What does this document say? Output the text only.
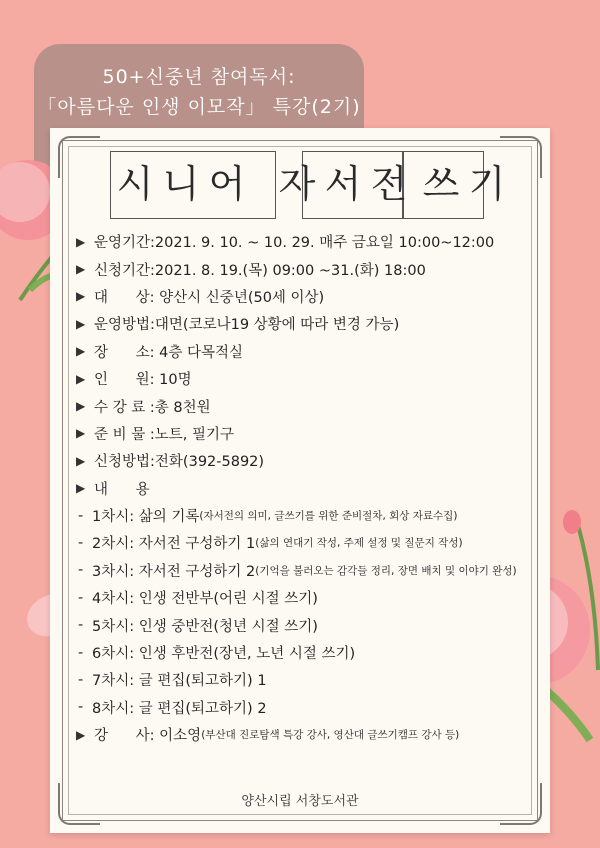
50+신중년 참여독서:
「아름다운 인생 이모작」 특강(2기)
시 니 어 자 서 전 쓰 기
▶ 운영기간: 2021. 9. 10. ~ 10. 29. 매주 금요일 10:00~12:00
▶ 신청기간: 2021. 8. 19.(목) 09:00 ~31.(화) 18:00
▶ 대      상: 양산시 신중년(50세 이상)
▶ 운영방법: 대면(코로나19 상황에 따라 변경 가능)
▶ 장      소: 4층 다목적실
▶ 인      원: 10명
▶ 수 강 료 : 총 8천원
▶ 준 비 물 : 노트, 필기구
▶ 신청방법: 전화(392-5892)
▶ 내      용
- 1차시: 삶의 기록 (자서전의 의미, 글쓰기를 위한 준비절차, 회상 자료수집)
- 2차시: 자서전 구성하기 1 (삶의 연대기 작성, 주제 설정 및 질문지 작성)
- 3차시: 자서전 구성하기 2 (기억을 불러오는 감각들 정리, 장면 배치 및 이야기 완성)
- 4차시: 인생 전반부(어린 시절 쓰기)
- 5차시: 인생 중반전(청년 시절 쓰기)
- 6차시: 인생 후반전(장년, 노년 시절 쓰기)
- 7차시: 글 편집(퇴고하기) 1
- 8차시: 글 편집(퇴고하기) 2
▶ 강      사: 이소영 (부산대 진로탐색 특강 강사, 영산대 글쓰기캠프 강사 등)
양산시립 서창도서관
